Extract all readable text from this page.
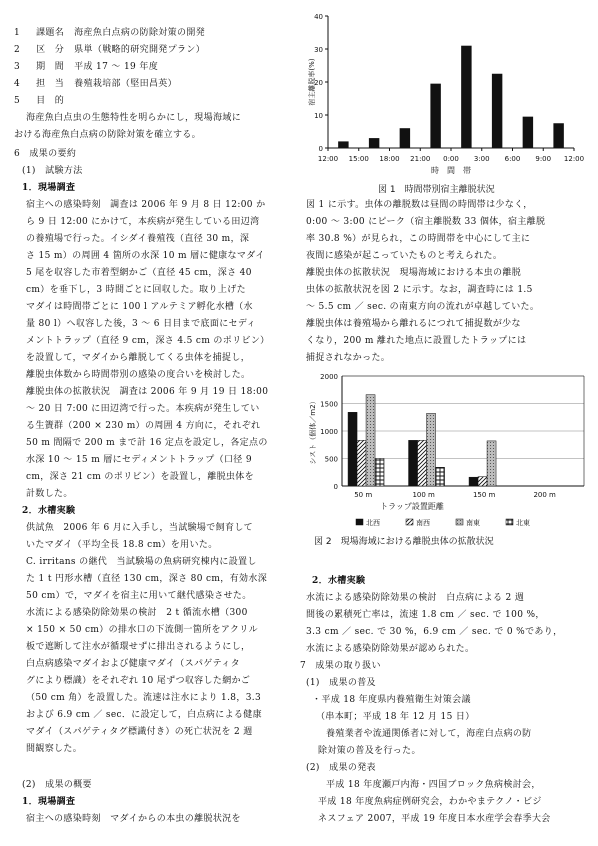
1 課題名 海産魚白点病の防除対策の開発
2 区　分 県単（戦略的研究開発プラン）
3 期　間 平成 17 ～ 19 年度
4 担　当 養殖栽培部（堅田昌英）
5 目　的
海産魚白点虫の生態特性を明らかにし，現場海域に
おける海産魚白点病の防除対策を確立する。
6　成果の要約
(1)　試験方法
1．現場調査
宿主への感染時刻　調査は 2006 年 9 月 8 日 12:00 か
ら 9 日 12:00 にかけて，本疾病が発生している田辺湾
の養殖場で行った。イシダイ養殖筏（直径 30 m，深
さ 15 m）の周囲 4 箇所の水深 10 m 層に健康なマダイ
5 尾を収容した市着型網かご（直径 45 cm，深さ 40
cm）を垂下し，3 時間ごとに回収した。取り上げた
マダイは時間帯ごとに 100 l アルテミア孵化水槽（水
量 80 l）へ収容した後，3 ～ 6 日目まで底面にセディ
メントトラップ（直径 9 cm，深さ 4.5 cm のポリビン）
を設置して，マダイから離脱してくる虫体を捕捉し，
離脱虫体数から時間帯別の感染の度合いを検討した。
離脱虫体の拡散状況　調査は 2006 年 9 月 19 日 18:00
～ 20 日 7:00 に田辺湾で行った。本疾病が発生してい
る生簀群（200 × 230 m）の周囲 4 方向に，それぞれ
50 m 間隔で 200 m まで計 16 定点を設定し，各定点の
水深 10 ～ 15 m 層にセディメントトラップ（口径 9
cm，深さ 21 cm のポリビン）を設置し，離脱虫体を
計数した。
2．水槽実験
供試魚　2006 年 6 月に入手し，当試験場で飼育して
いたマダイ（平均全長 18.8 cm）を用いた。
C. irritans の継代　当試験場の魚病研究棟内に設置し
た 1 t 円形水槽（直径 130 cm，深さ 80 cm，有効水深
50 cm）で，マダイを宿主に用いて継代感染させた。
水流による感染防除効果の検討　2 t 循流水槽（300
× 150 × 50 cm）の排水口の下流側一箇所をアクリル
板で遮断して注水が循環せずに排出されるようにし，
白点病感染マダイおよび健康マダイ（スパゲティタ
グにより標識）をそれぞれ 10 尾ずつ収容した網かご
（50 cm 角）を設置した。流速は注水により 1.8，3.3
および 6.9 cm ／ sec．に設定して，白点病による健康
マダイ（スパゲティタグ標識付き）の死亡状況を 2 週
間観察した。
(2)　成果の概要
1．現場調査
宿主への感染時刻　マダイからの本虫の離脱状況を
0
10
20
30
40
12:00 15:00 18:00 21:00 0:00 3:00 6:00 9:00 12:00
宿主離脱率(%)
時　間　帯
図 1　時間帯別宿主離脱状況
0
500
1000
1500
2000
50 m	100 m	150 m	200 m
シスト（個体／m2）
トラップ設置距離
北西	南西	南東	北東
図 2　現場海域における離脱虫体の拡散状況
図 1 に示す。虫体の離脱数は昼間の時間帯は少なく，
0:00 ～ 3:00 にピーク（宿主離脱数 33 個体，宿主離脱
率 30.8 %）が見られ，この時間帯を中心にして主に
夜間に感染が起こっていたものと考えられた。
離脱虫体の拡散状況　現場海域における本虫の離脱
虫体の拡散状況を図 2 に示す。なお，調査時には 1.5
～ 5.5 cm ／ sec. の南東方向の流れが卓越していた。
離脱虫体は養殖場から離れるにつれて捕捉数が少な
くなり，200 m 離れた地点に設置したトラップには
捕捉されなかった。
2．水槽実験
水流による感染防除効果の検討　白点病による 2 週
間後の累積死亡率は，流速 1.8 cm ／ sec. で 100 %，
3.3 cm ／ sec. で 30 %，6.9 cm ／ sec. で 0 %であり，
水流による感染防除効果が認められた。
7　成果の取り扱い
(1)　成果の普及
・平成 18 年度県内養殖衛生対策会議
（串本町；平成 18 年 12 月 15 日）
養殖業者や流通関係者に対して，海産白点病の防
除対策の普及を行った。
(2)　成果の発表
平成 18 年度瀬戸内海・四国ブロック魚病検討会，
平成 18 年度魚病症例研究会，わかやまテクノ・ビジ
ネスフェア 2007，平成 19 年度日本水産学会春季大会
